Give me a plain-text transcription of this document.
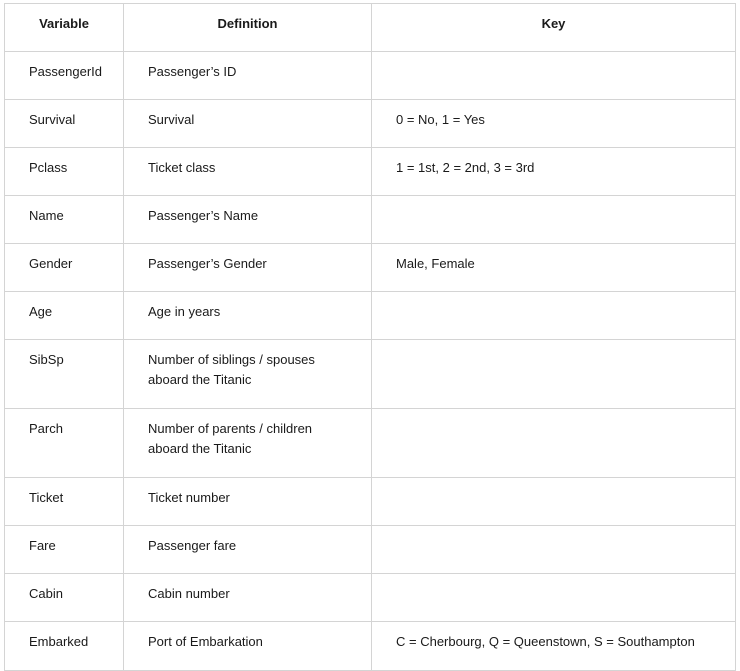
Variable	Definition	Key

PassengerId	Passenger’s ID	

Survival	Survival	0 = No, 1 = Yes

Pclass	Ticket class	1 = 1st, 2 = 2nd, 3 = 3rd

Name	Passenger’s Name	

Gender	Passenger’s Gender	Male, Female

Age	Age in years	

SibSp	Number of siblings / spouses
aboard the Titanic	

Parch	Number of parents / children
aboard the Titanic	

Ticket	Ticket number	

Fare	Passenger fare	

Cabin	Cabin number	

Embarked	Port of Embarkation	C = Cherbourg, Q = Queenstown, S = Southampton
